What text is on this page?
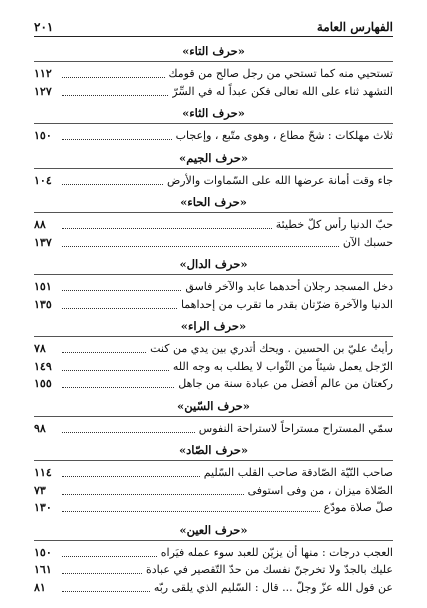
الفهارس العامة
٢٠١
«حرف التاء»
تستحيي منه كما تستحي من رجل صالح من قومك
١١٢
التشهد ثناء على الله تعالى فكن عبداً له في السِّرّ
١٢٧
«حرف الثاء»
ثلاث مهلكات : شحّ مطاع ، وهوى متّبع ، وإعجاب
١٥٠
«حرف الجيم»
جاء وقت أمانة عرضها الله على السّماوات والأرض
١٠٤
«حرف الحاء»
حبّ الدنيا رأس كلّ خطيئة
٨٨
حسبك الآن
١٣٧
«حرف الدال»
دخل المسجد رجلان أحدهما عابد والآخر فاسق
١٥١
الدنيا والآخرة ضرّتان بقدر ما تقرب من إحداهما
١٣٥
«حرف الراء»
رأيتُ عليّ بن الحسين . ويحك أتدري بين يدي من كنت
٧٨
الرّجل يعمل شيئاً من الثّواب لا يطلب به وجه الله
١٤٩
ركعتان من عالم أفضل من عبادة سنة من جاهل
١٥٥
«حرف السّين»
سمّي المستراح مستراحاً لاستراحة النفوس
٩٨
«حرف الصّاد»
صاحب النّيّة الصّادقة صاحب القلب السّليم
١١٤
الصّلاة ميزان ، من وفى استوفى
٧٣
صلّ صلاة مودّع
١٣٠
«حرف العين»
العجب درجات : منها أن يزيّن للعبد سوء عمله فيَراه
١٥٠
عليك بالجدّ ولا تخرجنّ نفسك من حدّ التّقصير في عبادة
١٦١
عن قول الله عزّ وجلّ ... قال : السّليم الذي يلقى ربّه
٨١
